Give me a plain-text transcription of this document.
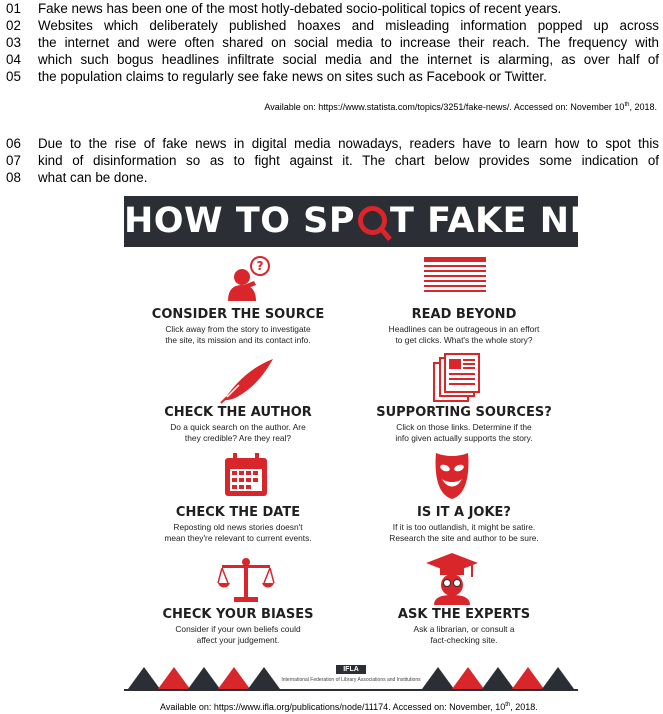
01 Fake news has been one of the most hotly-debated socio-political topics of recent years.
02 Websites which deliberately published hoaxes and misleading information popped up across
03 the internet and were often shared on social media to increase their reach. The frequency with
04 which such bogus headlines infiltrate social media and the internet is alarming, as over half of
05 the population claims to regularly see fake news on sites such as Facebook or Twitter.
Available on: https://www.statista.com/topics/3251/fake-news/. Accessed on: November 10th, 2018.
06 Due to the rise of fake news in digital media nowadays, readers have to learn how to spot this
07 kind of disinformation so as to fight against it. The chart below provides some indication of
08 what can be done.
HOW TO SP T FAKE NEWS
?
CONSIDER THE SOURCE
Click away from the story to investigate
the site, its mission and its contact info.
READ BEYOND
Headlines can be outrageous in an effort
to get clicks. What's the whole story?
CHECK THE AUTHOR
Do a quick search on the author. Are
they credible? Are they real?
SUPPORTING SOURCES?
Click on those links. Determine if the
info given actually supports the story.
CHECK THE DATE
Reposting old news stories doesn't
mean they're relevant to current events.
IS IT A JOKE?
If it is too outlandish, it might be satire.
Research the site and author to be sure.
CHECK YOUR BIASES
Consider if your own beliefs could
affect your judgement.
ASK THE EXPERTS
Ask a librarian, or consult a
fact-checking site.
IFLA
International Federation of Library Associations and Institutions
Available on: https://www.ifla.org/publications/node/11174. Accessed on: November, 10th, 2018.
